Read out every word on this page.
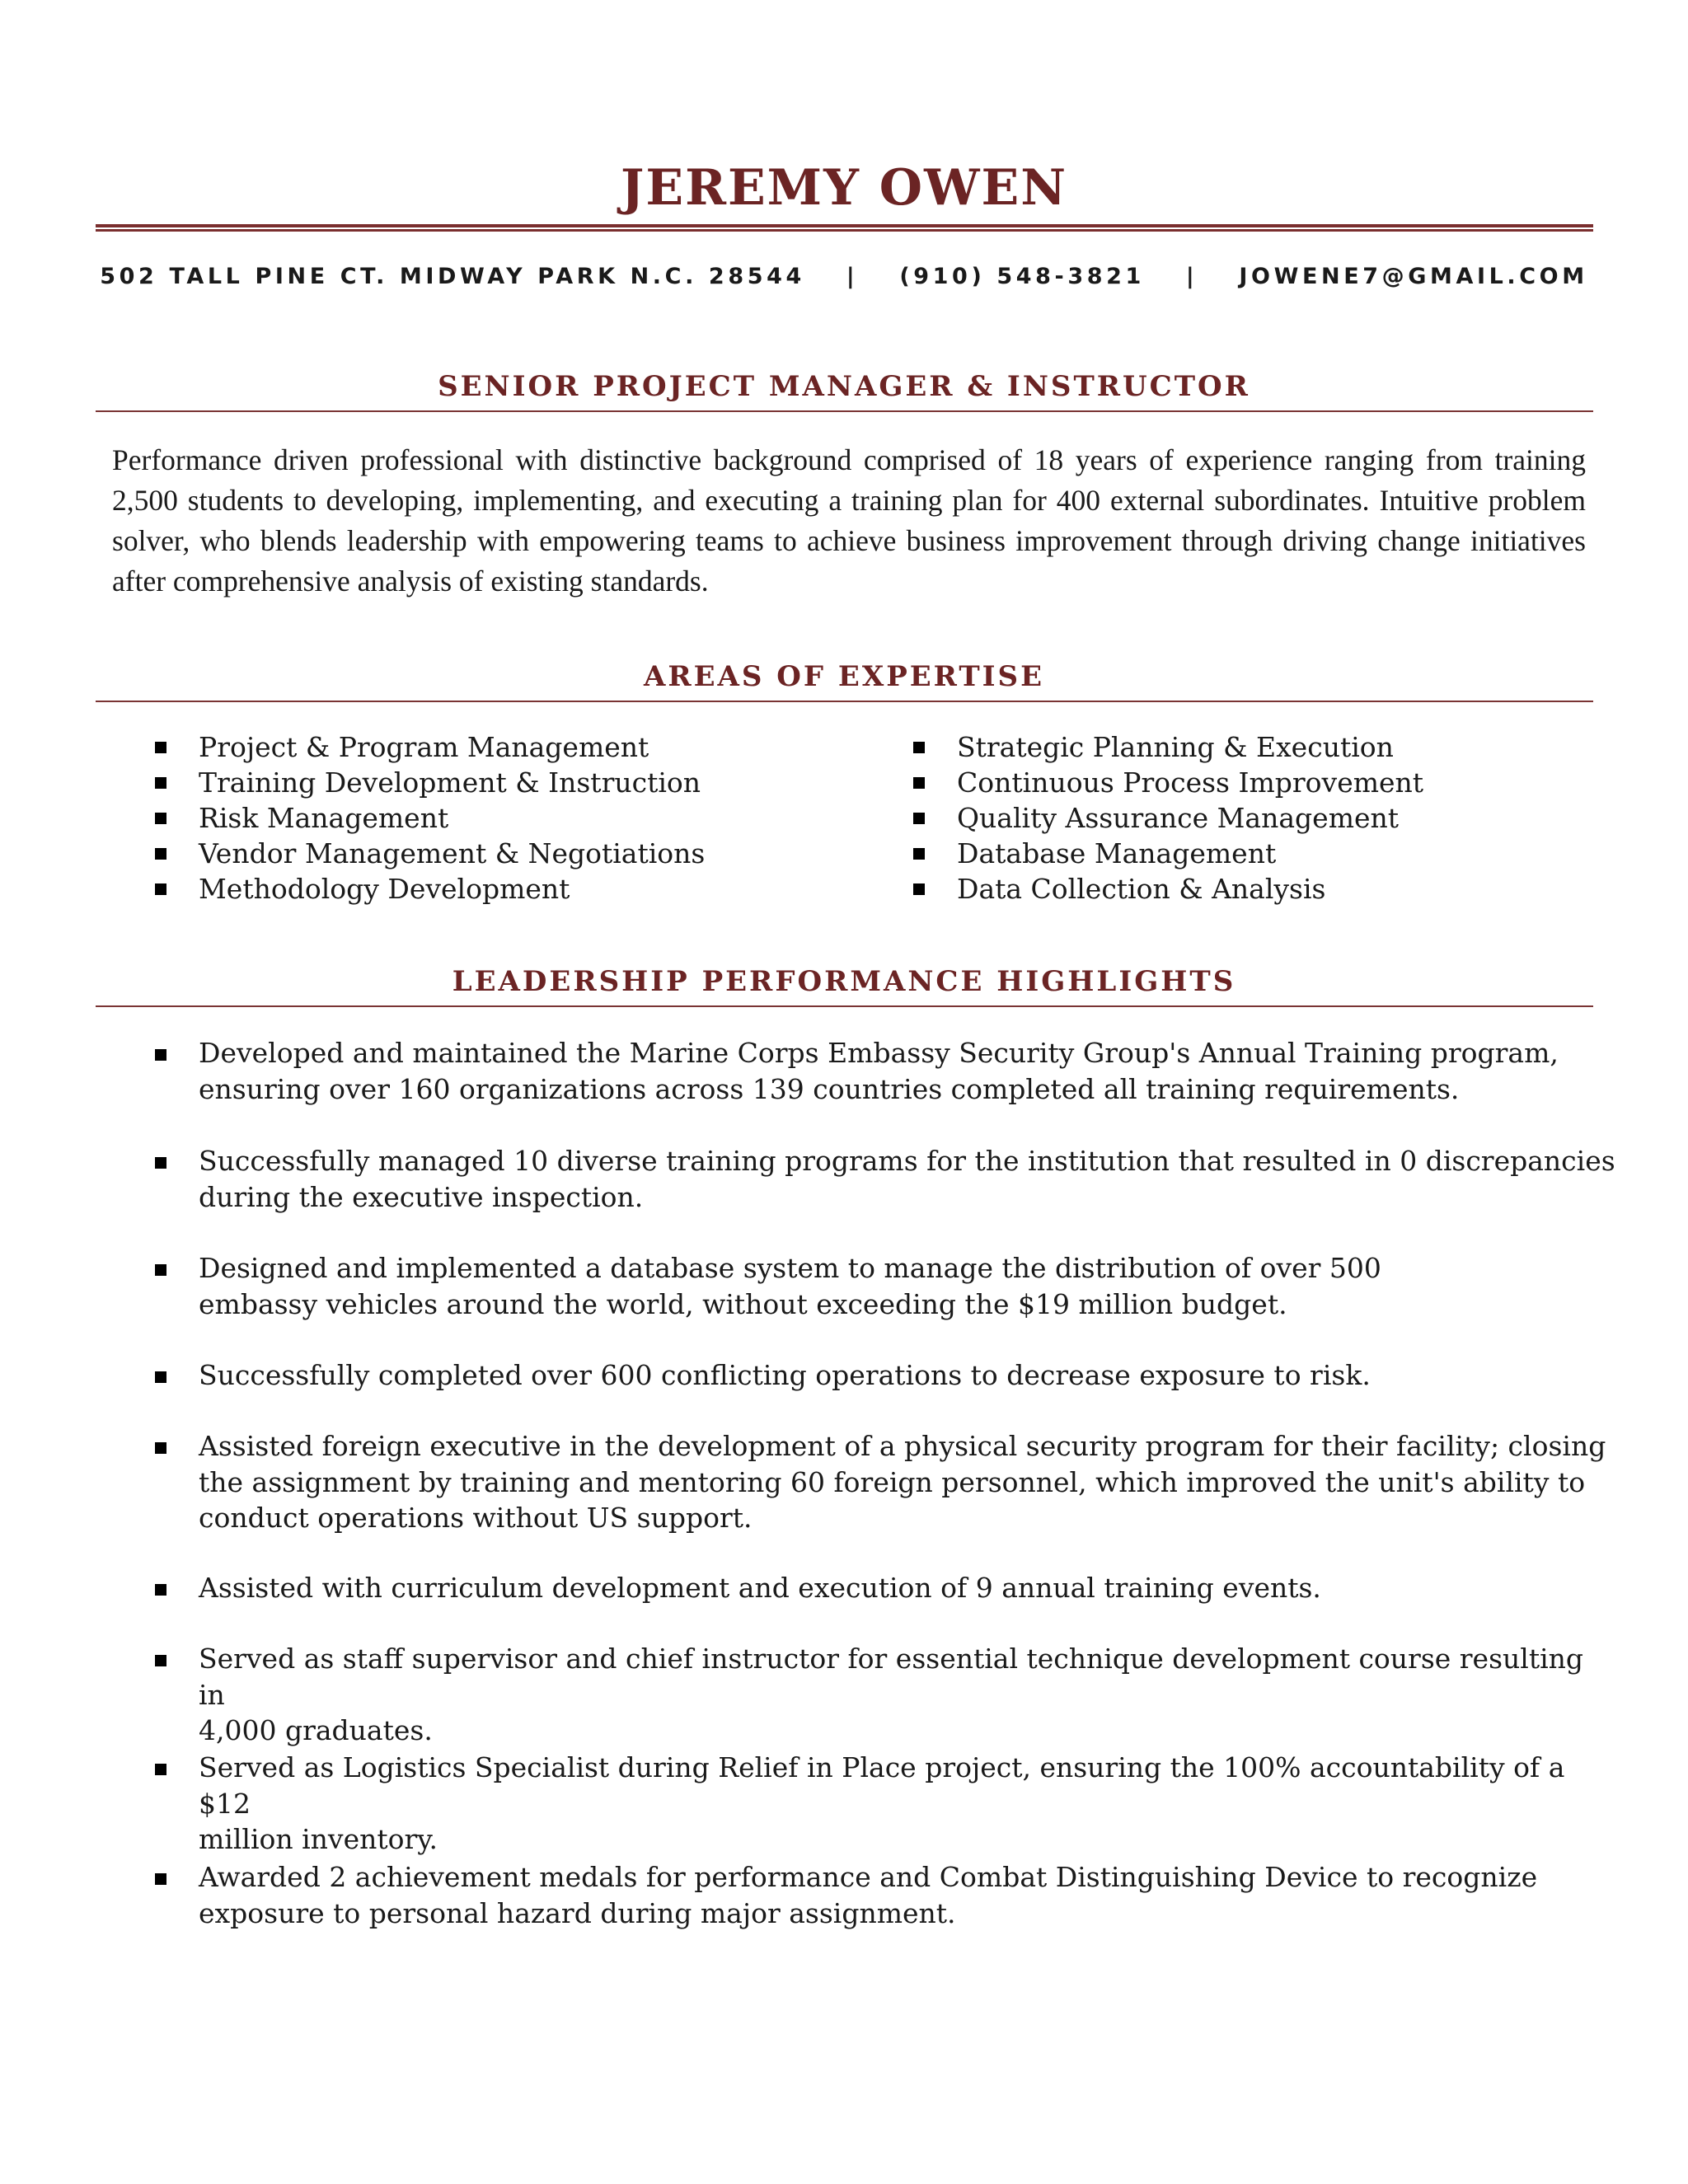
JEREMY OWEN
502 TALL PINE CT. MIDWAY PARK N.C. 28544 | (910) 548-3821 | JOWENE7@GMAIL.COM
SENIOR PROJECT MANAGER & INSTRUCTOR
Performance driven professional with distinctive background comprised of 18 years of experience ranging from training 2,500 students to developing, implementing, and executing a training plan for 400 external subordinates. Intuitive problem solver, who blends leadership with empowering teams to achieve business improvement through driving change initiatives after comprehensive analysis of existing standards.
AREAS OF EXPERTISE
Project & Program Management
Training Development & Instruction
Risk Management
Vendor Management & Negotiations
Methodology Development
Strategic Planning & Execution
Continuous Process Improvement
Quality Assurance Management
Database Management
Data Collection & Analysis
LEADERSHIP PERFORMANCE HIGHLIGHTS
Developed and maintained the Marine Corps Embassy Security Group's Annual Training program,
ensuring over 160 organizations across 139 countries completed all training requirements.
Successfully managed 10 diverse training programs for the institution that resulted in 0 discrepancies
during the executive inspection.
Designed and implemented a database system to manage the distribution of over 500
embassy vehicles around the world, without exceeding the $19 million budget.
Successfully completed over 600 conflicting operations to decrease exposure to risk.
Assisted foreign executive in the development of a physical security program for their facility; closing
the assignment by training and mentoring 60 foreign personnel, which improved the unit's ability to
conduct operations without US support.
Assisted with curriculum development and execution of 9 annual training events.
Served as staff supervisor and chief instructor for essential technique development course resulting in
4,000 graduates.
Served as Logistics Specialist during Relief in Place project, ensuring the 100% accountability of a $12
million inventory.
Awarded 2 achievement medals for performance and Combat Distinguishing Device to recognize
exposure to personal hazard during major assignment.
